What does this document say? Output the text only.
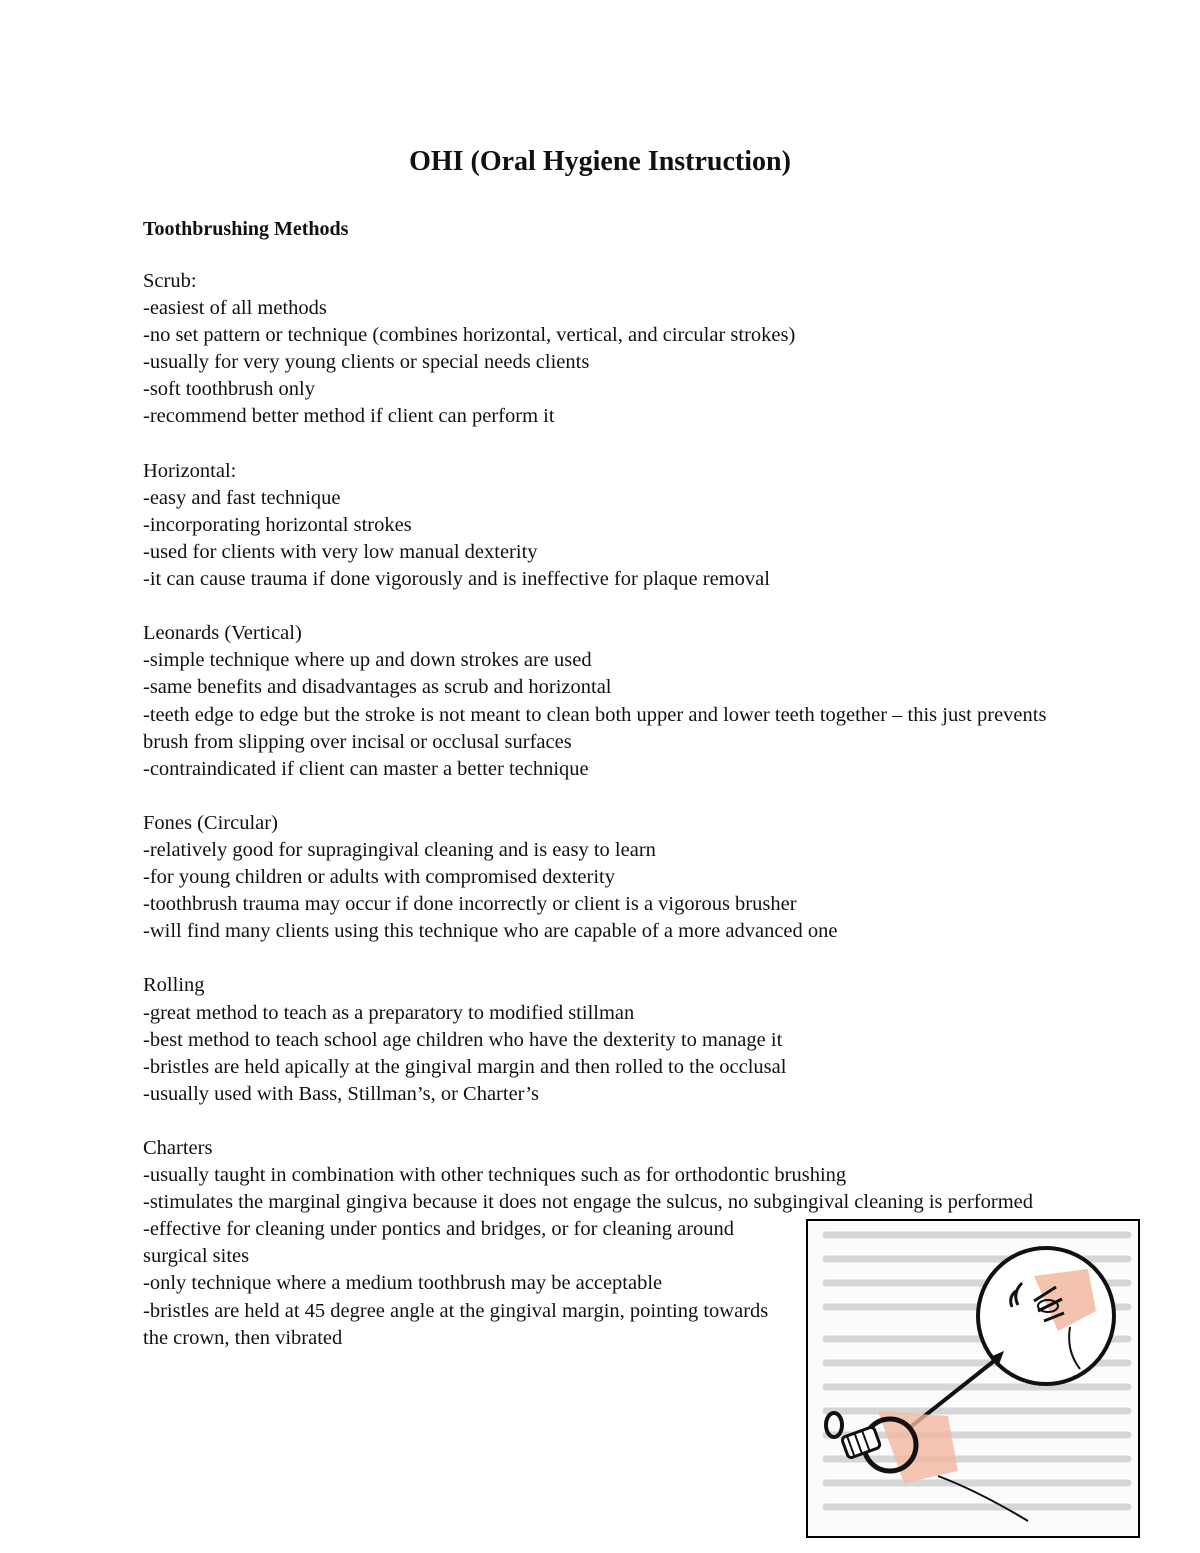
OHI (Oral Hygiene Instruction)
Toothbrushing Methods

Scrub:

-easiest of all methods

-no set pattern or technique (combines horizontal, vertical, and circular strokes)

-usually for very young clients or special needs clients

-soft toothbrush only

-recommend better method if client can perform it

Horizontal:

-easy and fast technique

-incorporating horizontal strokes

-used for clients with very low manual dexterity

-it can cause trauma if done vigorously and is ineffective for plaque removal

Leonards (Vertical)

-simple technique where up and down strokes are used

-same benefits and disadvantages as scrub and horizontal

-teeth edge to edge but the stroke is not meant to clean both upper and lower teeth together – this just prevents brush from slipping over incisal or occlusal surfaces

-contraindicated if client can master a better technique

Fones (Circular)

-relatively good for supragingival cleaning and is easy to learn

-for young children or adults with compromised dexterity

-toothbrush trauma may occur if done incorrectly or client is a vigorous brusher

-will find many clients using this technique who are capable of a more advanced one

Rolling

-great method to teach as a preparatory to modified stillman

-best method to teach school age children who have the dexterity to manage it

-bristles are held apically at the gingival margin and then rolled to the occlusal

-usually used with Bass, Stillman’s, or Charter’s

Charters

-usually taught in combination with other techniques such as for orthodontic brushing

-stimulates the marginal gingiva because it does not engage the sulcus, no subgingival cleaning is performed

-effective for cleaning under pontics and bridges, or for cleaning around surgical sites

-only technique where a medium toothbrush may be acceptable

-bristles are held at 45 degree angle at the gingival margin, pointing towards the crown, then vibrated
